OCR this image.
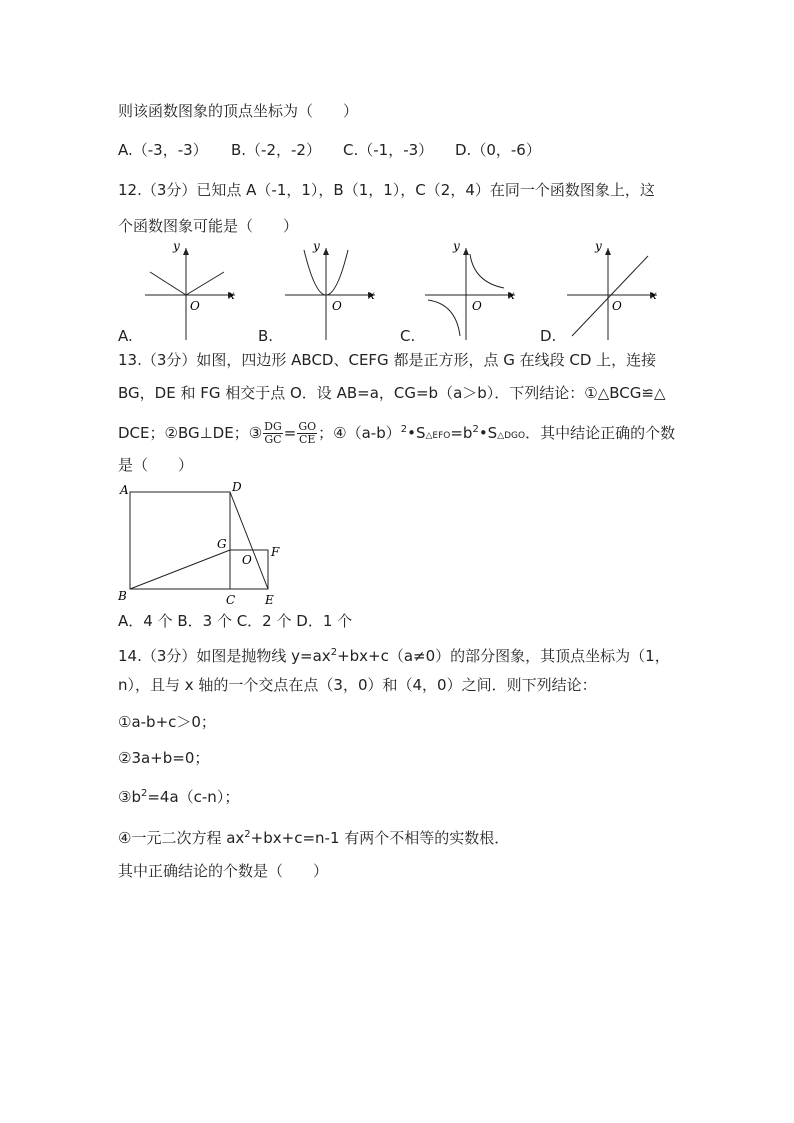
则该函数图象的顶点坐标为（　　）
A.（-3，-3） B.（-2，-2） C.（-1，-3） D.（0，-6）
12.（3分）已知点 A（-1，1），B（1，1），C（2，4）在同一个函数图象上，这
个函数图象可能是（　　）
y
x
O
A.
y
x
O
B.
y
x
O
C.
y
x
O
D.
13.（3分）如图，四边形 ABCD、CEFG 都是正方形，点 G 在线段 CD 上，连接
BG，DE 和 FG 相交于点 O．设 AB=a，CG=b（a＞b）．下列结论：①△BCG≌△
DCE；②BG⊥DE；③ $\frac{DG}{GC} = \frac{GO}{CE}$ ；$④(a-b)^2•S\triangle EFO=b^2•S\triangle DGO$．其中结论正确的个数
是（　　）
A	D
G
F
O
B	C E
A．4 个 B．3 个 C．2 个 D．1 个
14.（3分）如图是抛物线 $y=ax^2+bx+c(a\ne 0)$的部分图象，其顶点坐标为（1，
n），且与 x 轴的一个交点在点（3，0）和（4，0）之间．则下列结论：
①a-b+c＞0；
②3a+b=0；
$③b^2=4a(c-n)$；
④一元二次方程 $ax^2+bx+c=n-1$ 有两个不相等的实数根．
其中正确结论的个数是（　　）
